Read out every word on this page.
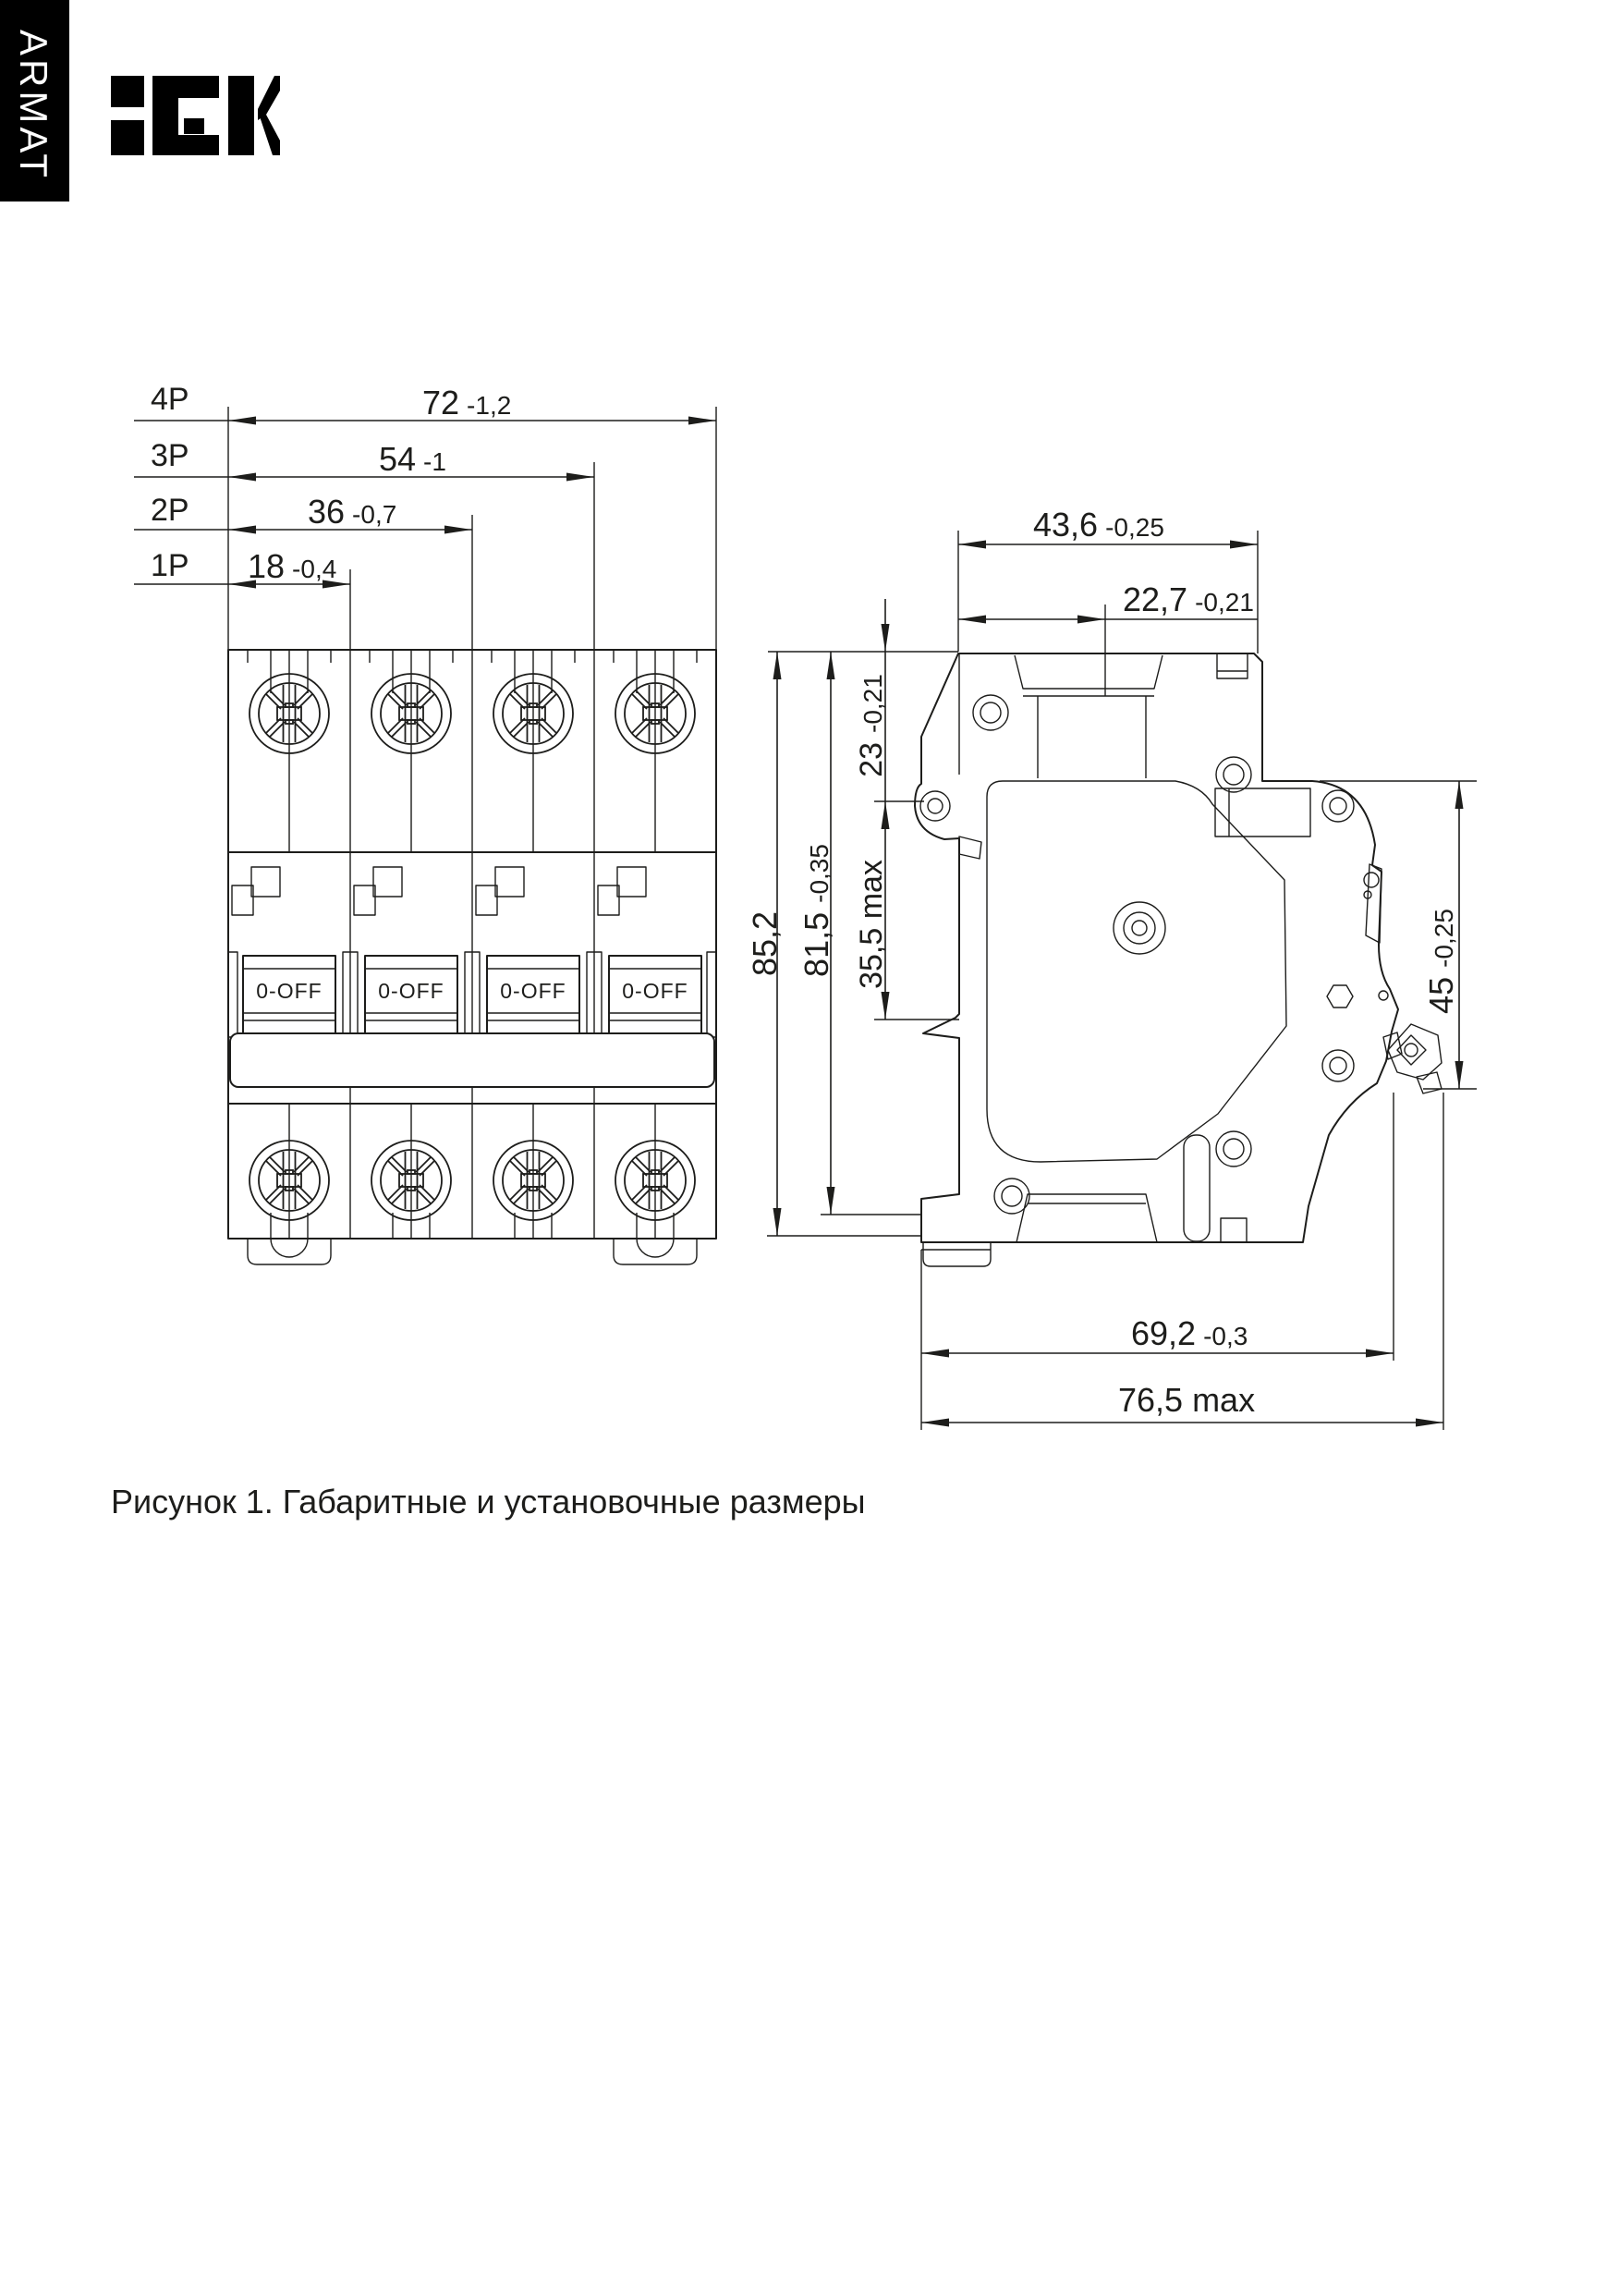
ARMAT
4P
3P
2P
1P
72 -1,2
54 -1
36 -0,7
18 -0,4
0-OFF	0-OFF	0-OFF	0-OFF
43,6 -0,25
22,7 -0,21
85,2 81,5-0,35
23-0,21
35,5 max
45-0,25
69,2 -0,3
76,5 max
Рисунок 1. Габаритные и установочные размеры
